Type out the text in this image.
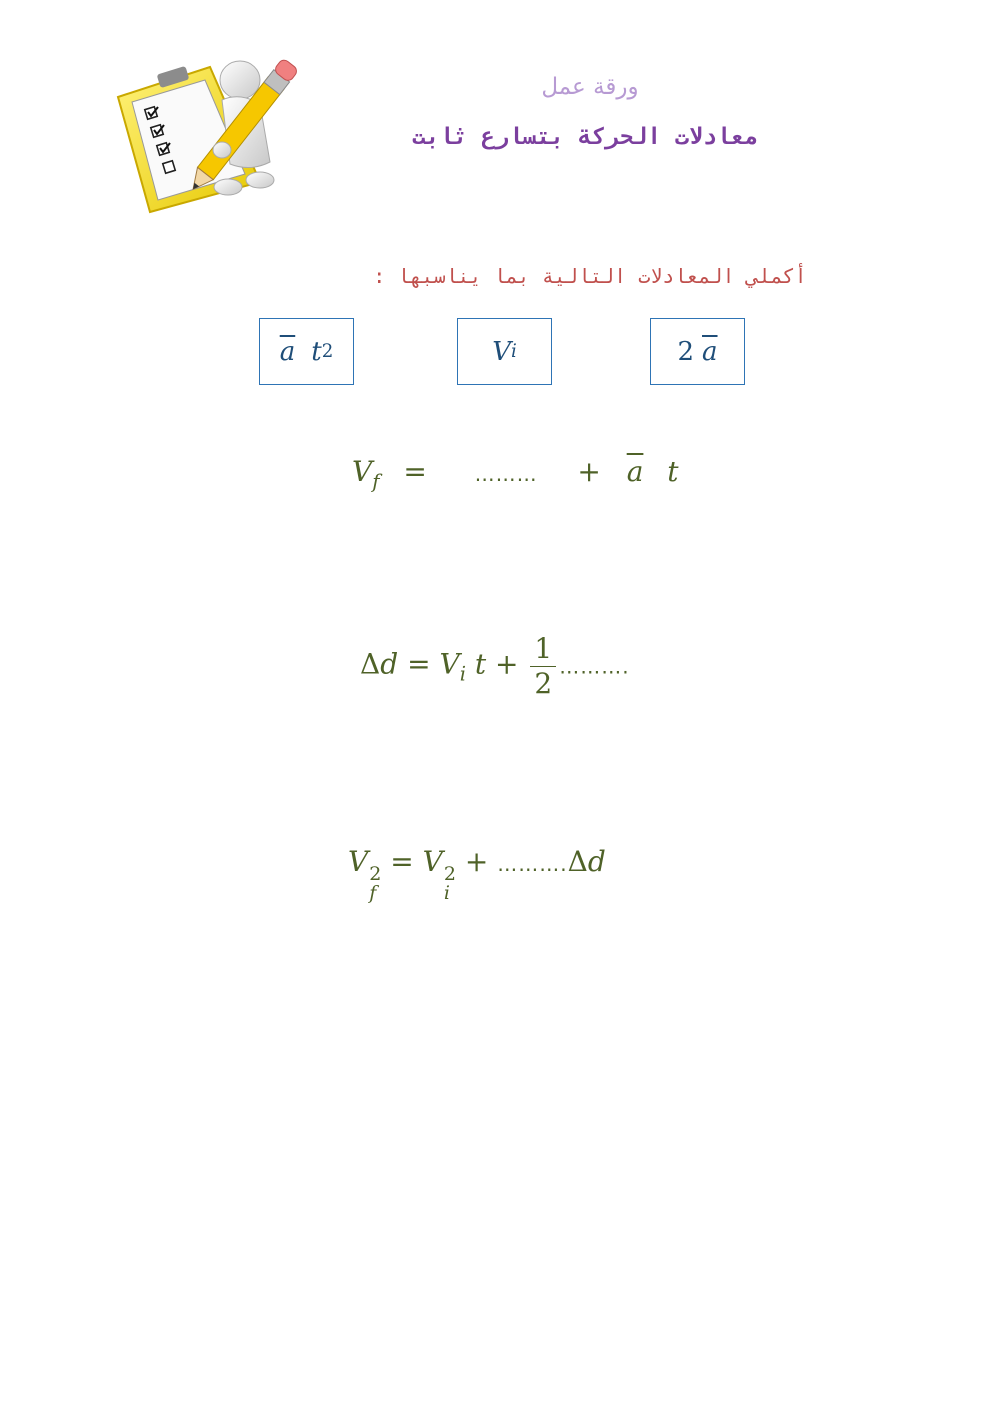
ورقة عمل
معادلات الحركة بتسارع ثابت
أكملي المعادلات التالية بما يناسبها :
$\overline{a}$ t 2	V i	2 $\overline{a}$
$V_f$ = ……… + $\overline{a}$ t
$\Delta d = V_i$ $t + \frac{1}{2}$ ……….
V 2
f
= V 2
i
+ ……….Δd
